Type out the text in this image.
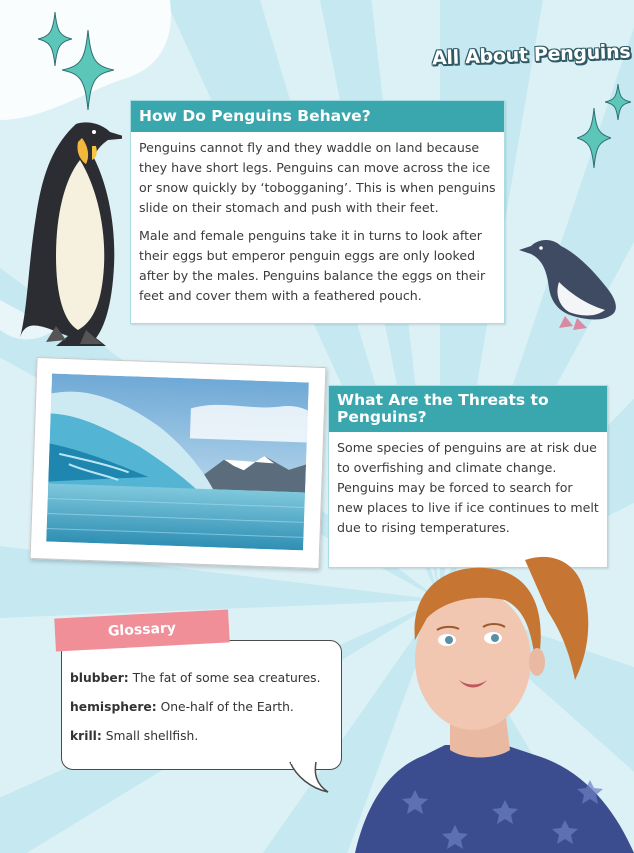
All About Penguins
How Do Penguins Behave?

Penguins cannot fly and they waddle on land because they have short legs. Penguins can move across the ice or snow quickly by ‘tobogganing’. This is when penguins slide on their stomach and push with their feet.

Male and female penguins take it in turns to look after their eggs but emperor penguin eggs are only looked after by the males. Penguins balance the eggs on their feet and cover them with a feathered pouch.

What Are the Threats to Penguins?

Some species of penguins are at risk due to overfishing and climate change. Penguins may be forced to search for new places to live if ice continues to melt due to rising temperatures.

Glossary
blubber: The fat of some sea creatures.
hemisphere: One-half of the Earth.
krill: Small shellfish.
